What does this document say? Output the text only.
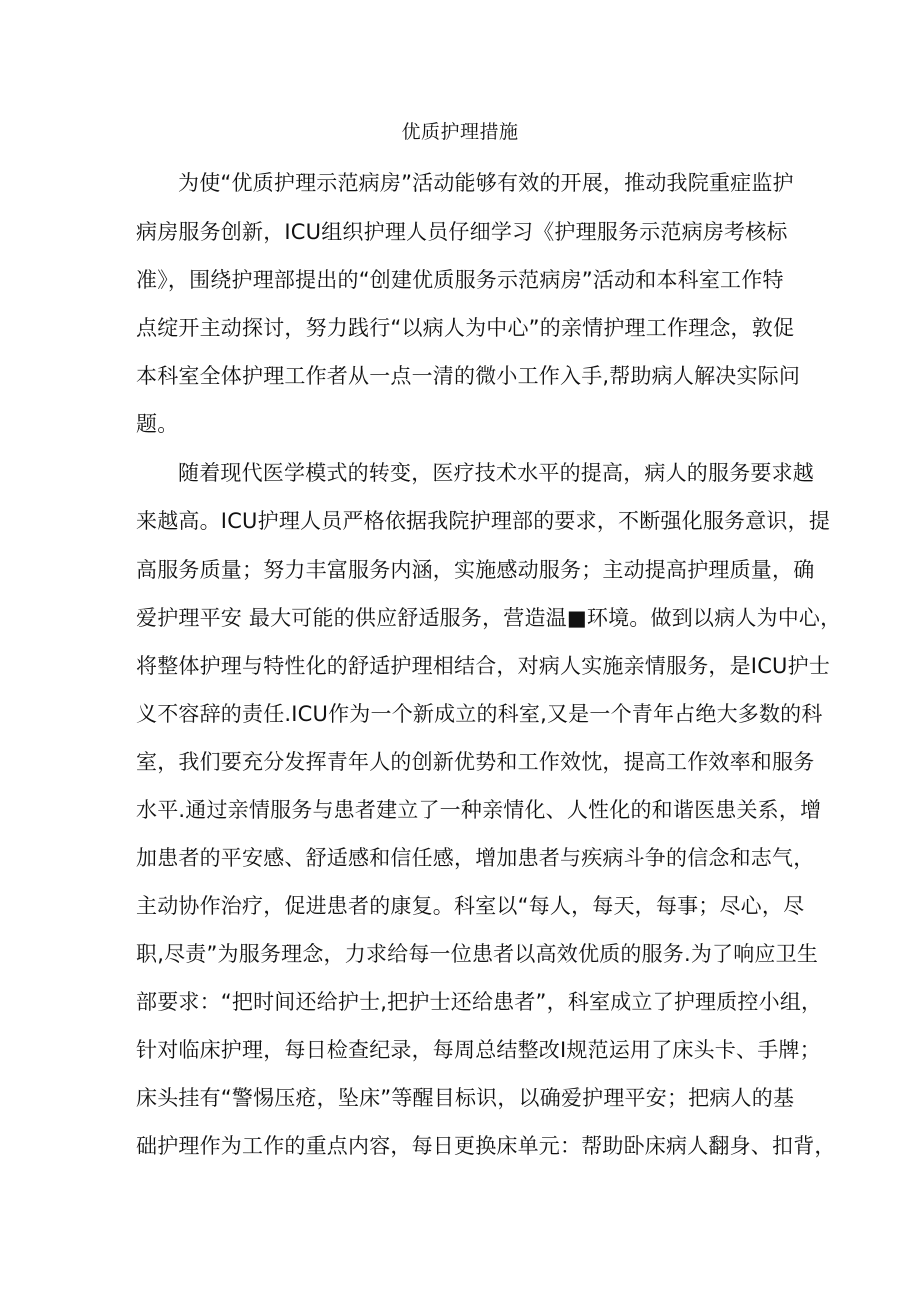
优质护理措施
为使“优质护理示范病房”活动能够有效的开展，推动我院重症监护
病房服务创新，ICU组织护理人员仔细学习《护理服务示范病房考核标
准》，围绕护理部提出的“创建优质服务示范病房”活动和本科室工作特
点绽开主动探讨，努力践行“以病人为中心”的亲情护理工作理念，敦促
本科室全体护理工作者从一点一清的微小工作入手,帮助病人解决实际问
题。
随着现代医学模式的转变，医疗技术水平的提高，病人的服务要求越
来越高。ICU护理人员严格依据我院护理部的要求，不断强化服务意识，提
高服务质量；努力丰富服务内涵，实施感动服务；主动提高护理质量，确
爱护理平安 最大可能的供应舒适服务，营造温■环境。做到以病人为中心，
将整体护理与特性化的舒适护理相结合，对病人实施亲情服务，是ICU护士
义不容辞的责任.ICU作为一个新成立的科室,又是一个青年占绝大多数的科
室，我们要充分发挥青年人的创新优势和工作效忱，提高工作效率和服务
水平.通过亲情服务与患者建立了一种亲情化、人性化的和谐医患关系，增
加患者的平安感、舒适感和信任感，增加患者与疾病斗争的信念和志气，
主动协作治疗，促进患者的康复。科室以“每人，每天，每事；尽心，尽
职,尽责”为服务理念，力求给每一位患者以高效优质的服务.为了响应卫生
部要求：“把时间还给护士,把护士还给患者”，科室成立了护理质控小组，
针对临床护理，每日检查纪录，每周总结整改I规范运用了床头卡、手牌；
床头挂有“警惕压疮，坠床”等醒目标识，以确爱护理平安；把病人的基
础护理作为工作的重点内容，每日更换床单元：帮助卧床病人翻身、扣背，
